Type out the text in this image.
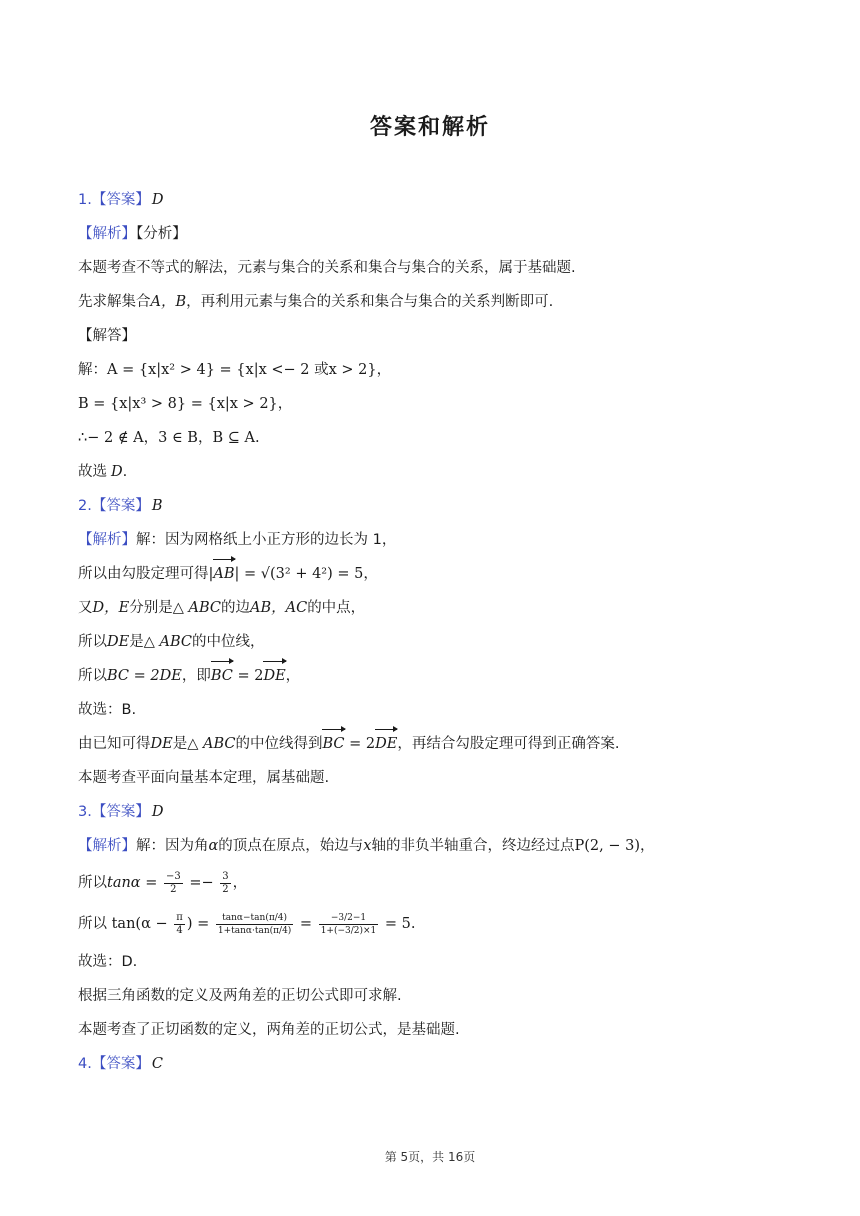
答案和解析
1.【答案】 D
【解析】【分析】
本题考查不等式的解法，元素与集合的关系和集合与集合的关系，属于基础题.
先求解集合A，B，再利用元素与集合的关系和集合与集合的关系判断即可.
【解答】
解：A = {x|x² > 4} = {x|x <− 2 或x > 2}，
B = {x|x³ > 8} = {x|x > 2}，
∴− 2 ∉ A，3 ∈ B，B ⊆ A.
故选 D.
2.【答案】 B
【解析】解：因为网格纸上小正方形的边长为 1，
所以由勾股定理可得|AB| = √(3² + 4²) = 5，
又D，E分别是△ ABC的边AB，AC的中点，
所以DE是△ ABC的中位线，
所以BC = 2DE，即BC = 2DE，
故选：B.
由已知可得DE是△ ABC的中位线得到BC = 2DE，再结合勾股定理可得到正确答案.
本题考查平面向量基本定理，属基础题.
3.【答案】 D
【解析】解：因为角α的顶点在原点，始边与x轴的非负半轴重合，终边经过点P(2, − 3)，
所以$\tan\alpha = \frac{-3}{2} =- \frac{3}{2}$ ，
所以 $\tan(\alpha - \frac{\pi}{4}$ ) = $\frac{\tan\alpha-\tan(\pi/4)}{1+\tan\alpha\cdot\tan(\pi/4)} = \frac{-3/2-1}{1+(-3/2)\times 1} = 5$.
故选：D.
根据三角函数的定义及两角差的正切公式即可求解.
本题考查了正切函数的定义，两角差的正切公式，是基础题.
4.【答案】 C
第 5页，共 16页
